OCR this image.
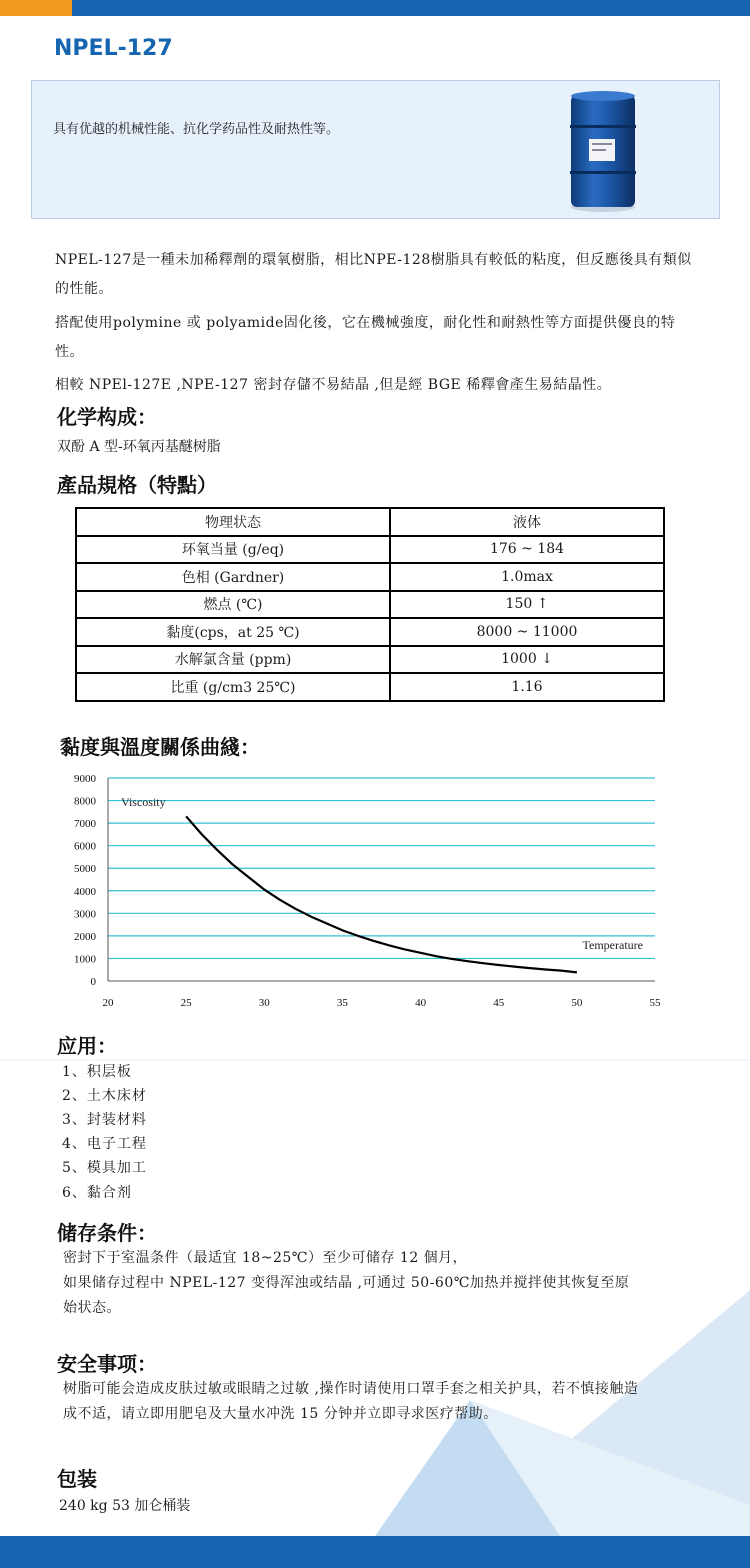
NPEL-127
具有优越的机械性能、抗化学药品性及耐热性等。

NPEL-127是一種未加稀釋劑的環氧樹脂，相比NPE-128樹脂具有較低的粘度，但反應後具有類似的性能。

搭配使用polymine 或 polyamide固化後，它在機械強度，耐化性和耐熱性等方面提供優良的特性。

相較 NPEl-127E ,NPE-127 密封存儲不易結晶 ,但是經 BGE 稀釋會產生易結晶性。

化学构成：
双酚 A 型-环氧丙基醚树脂
產品規格（特點）
物理状态	液体
环氧当量 (g/eq)	176 ~ 184
色相 (Gardner)	1.0max
燃点 (℃)	150 ↑
黏度(cps，at 25 ℃)	8000 ~ 11000
水解氯含量 (ppm)	1000 ↓
比重 (g/cm3 25℃)	1.16
黏度與溫度關係曲綫：
0
1000
2000
3000
4000
5000
6000
7000
8000
9000
20	25	30	35	40	45	50	55
Viscosity
Temperature
应用：
1、积层板
2、土木床材
3、封装材料
4、电子工程
5、模具加工
6、黏合剂
储存条件：

密封下于室温条件（最适宜 18~25℃）至少可储存 12 個月，

如果储存过程中 NPEL-127 变得浑浊或结晶 ,可通过 50-60℃加热并搅拌使其恢复至原始状态。

安全事项：

树脂可能会造成皮肤过敏或眼睛之过敏 ,操作时请使用口罩手套之相关护具，若不慎接触造成不适，请立即用肥皂及大量水冲洗 15 分钟并立即寻求医疗帮助。

包装
240 kg 53 加仑桶装
